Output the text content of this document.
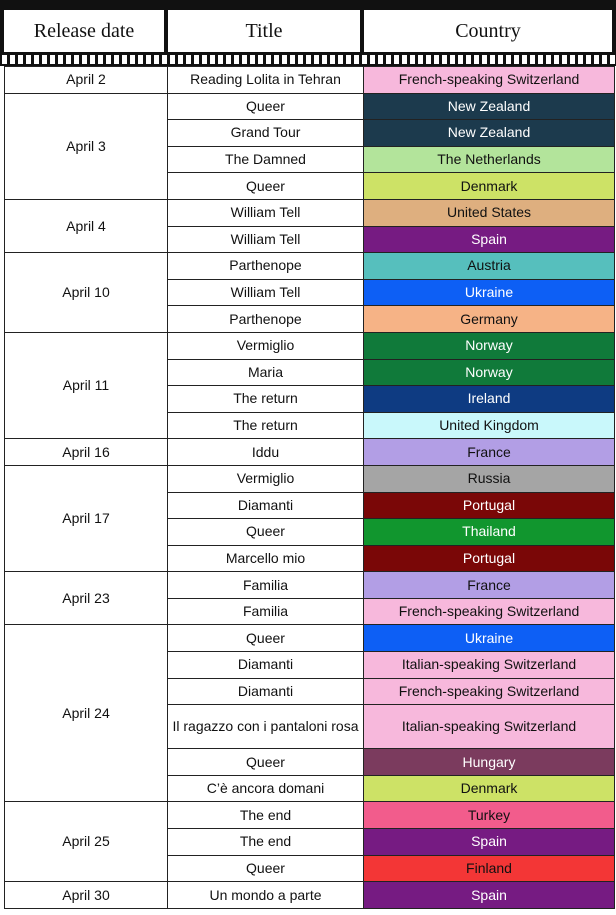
Release date	Title	Country
April 2	Reading Lolita in Tehran	French-speaking Switzerland
April 3	Queer	New Zealand
	Grand Tour	New Zealand
	The Damned	The Netherlands
	Queer	Denmark
April 4	William Tell	United States
	William Tell	Spain
April 10	Parthenope	Austria
	William Tell	Ukraine
	Parthenope	Germany
April 11	Vermiglio	Norway
	Maria	Norway
	The return	Ireland
	The return	United Kingdom
April 16	Iddu	France
April 17	Vermiglio	Russia
	Diamanti	Portugal
	Queer	Thailand
	Marcello mio	Portugal
April 23	Familia	France
	Familia	French-speaking Switzerland
April 24	Queer	Ukraine
	Diamanti	Italian-speaking Switzerland
	Diamanti	French-speaking Switzerland
	Il ragazzo con i pantaloni rosa	Italian-speaking Switzerland
	Queer	Hungary
	C’è ancora domani	Denmark
April 25	The end	Turkey
	The end	Spain
	Queer	Finland
April 30	Un mondo a parte	Spain
